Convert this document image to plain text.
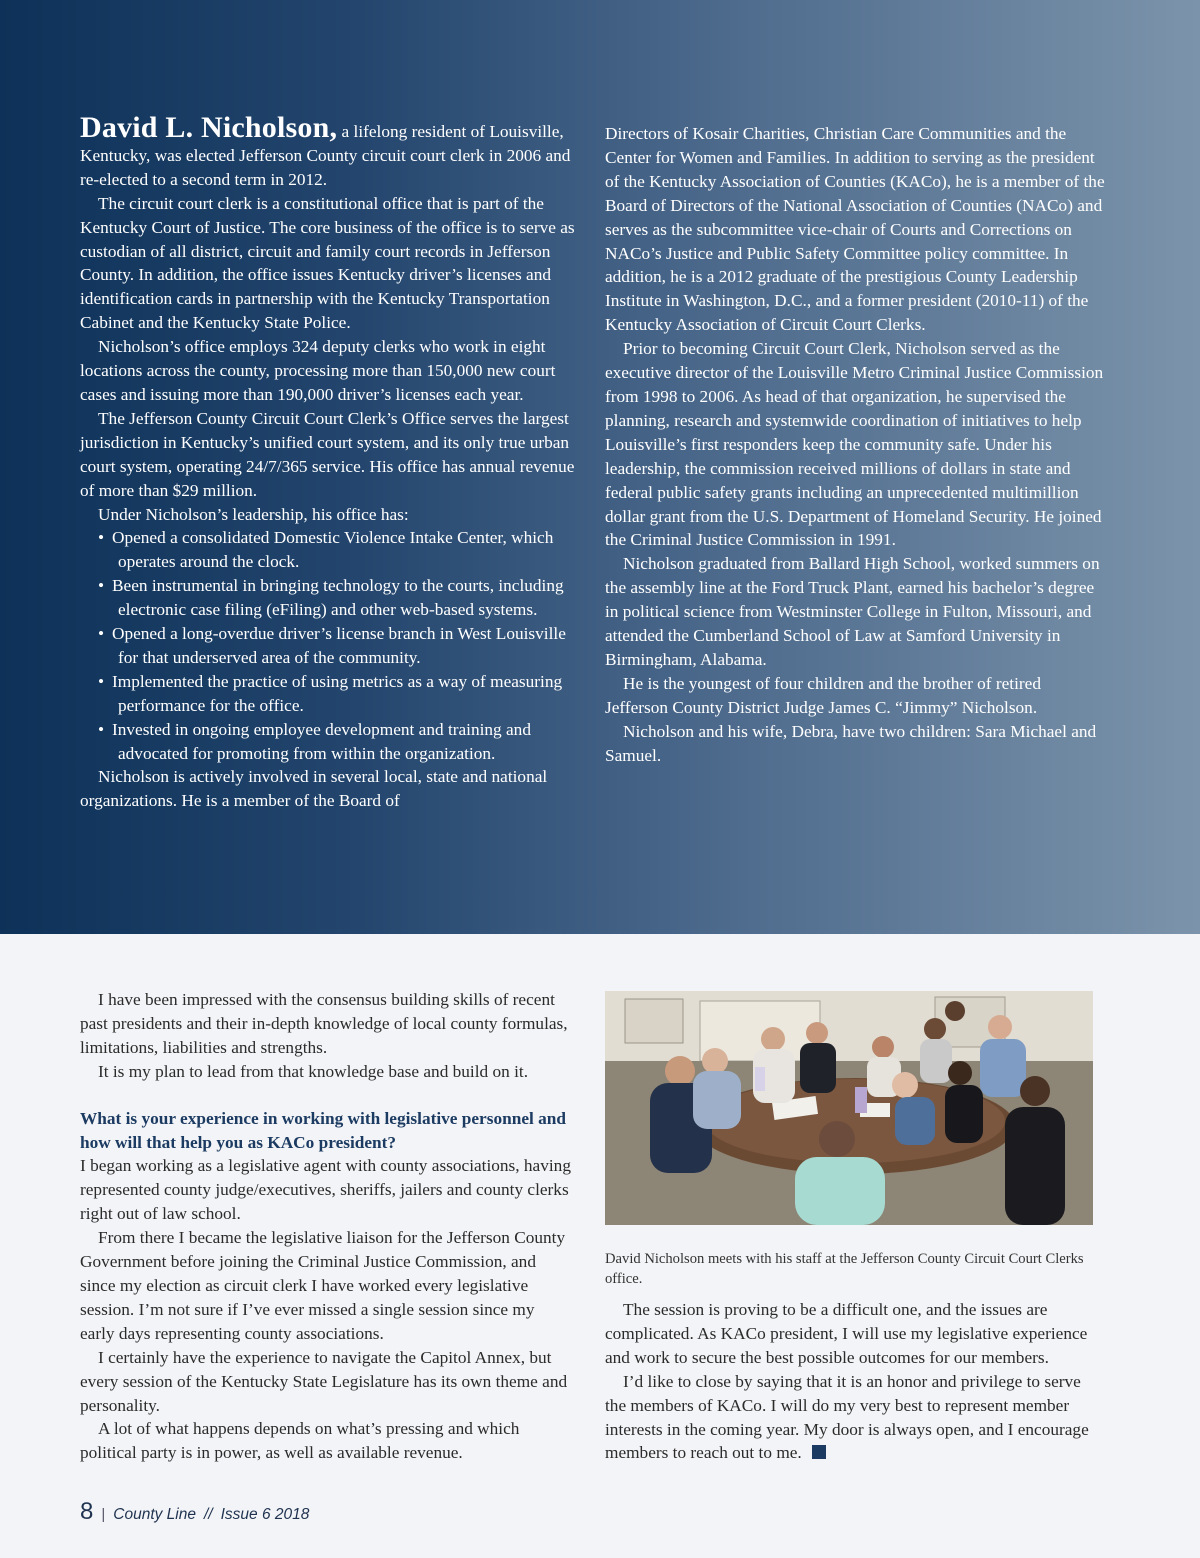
David L. Nicholson, a lifelong resident of Louisville, Kentucky, was elected Jefferson County circuit court clerk in 2006 and re-elected to a second term in 2012.

The circuit court clerk is a constitutional office that is part of the Kentucky Court of Justice. The core business of the office is to serve as custodian of all district, circuit and family court records in Jefferson County. In addition, the office issues Kentucky driver’s licenses and identification cards in partnership with the Kentucky Transportation Cabinet and the Kentucky State Police.

Nicholson’s office employs 324 deputy clerks who work in eight locations across the county, processing more than 150,000 new court cases and issuing more than 190,000 driver’s licenses each year.

The Jefferson County Circuit Court Clerk’s Office serves the largest jurisdiction in Kentucky’s unified court system, and its only true urban court system, operating 24/7/365 service. His office has annual revenue of more than $29 million.

Under Nicholson’s leadership, his office has:

• Opened a consolidated Domestic Violence Intake Center, which operates around the clock.

• Been instrumental in bringing technology to the courts, including electronic case filing (eFiling) and other web-based systems.

• Opened a long-overdue driver’s license branch in West Louisville for that underserved area of the community.

• Implemented the practice of using metrics as a way of measuring performance for the office.

• Invested in ongoing employee development and training and advocated for promoting from within the organization.

Nicholson is actively involved in several local, state and national organizations. He is a member of the Board of

Directors of Kosair Charities, Christian Care Communities and the Center for Women and Families. In addition to serving as the president of the Kentucky Association of Counties (KACo), he is a member of the Board of Directors of the National Association of Counties (NACo) and serves as the subcommittee vice-chair of Courts and Corrections on NACo’s Justice and Public Safety Committee policy committee. In addition, he is a 2012 graduate of the prestigious County Leadership Institute in Washington, D.C., and a former president (2010-11) of the Kentucky Association of Circuit Court Clerks.

Prior to becoming Circuit Court Clerk, Nicholson served as the executive director of the Louisville Metro Criminal Justice Commission from 1998 to 2006. As head of that organization, he supervised the planning, research and systemwide coordination of initiatives to help Louisville’s first responders keep the community safe. Under his leadership, the commission received millions of dollars in state and federal public safety grants including an unprecedented multimillion dollar grant from the U.S. Department of Homeland Security. He joined the Criminal Justice Commission in 1991.

Nicholson graduated from Ballard High School, worked summers on the assembly line at the Ford Truck Plant, earned his bachelor’s degree in political science from Westminster College in Fulton, Missouri, and attended the Cumberland School of Law at Samford University in Birmingham, Alabama.

He is the youngest of four children and the brother of retired Jefferson County District Judge James C. “Jimmy” Nicholson.

Nicholson and his wife, Debra, have two children: Sara Michael and Samuel.

I have been impressed with the consensus building skills of recent past presidents and their in-depth knowledge of local county formulas, limitations, liabilities and strengths.

It is my plan to lead from that knowledge base and build on it.

What is your experience in working with legislative personnel and how will that help you as KACo president?

I began working as a legislative agent with county associations, having represented county judge/executives, sheriffs, jailers and county clerks right out of law school.

From there I became the legislative liaison for the Jefferson County Government before joining the Criminal Justice Commission, and since my election as circuit clerk I have worked every legislative session. I’m not sure if I’ve ever missed a single session since my early days representing county associations.

I certainly have the experience to navigate the Capitol Annex, but every session of the Kentucky State Legislature has its own theme and personality.

A lot of what happens depends on what’s pressing and which political party is in power, as well as available revenue.

David Nicholson meets with his staff at the Jefferson County Circuit Court Clerks office.

The session is proving to be a difficult one, and the issues are complicated. As KACo president, I will use my legislative experience and work to secure the best possible outcomes for our members.

I’d like to close by saying that it is an honor and privilege to serve the members of KACo. I will do my very best to represent member interests in the coming year. My door is always open, and I encourage members to reach out to me.

8 | County Line // Issue 6 2018
